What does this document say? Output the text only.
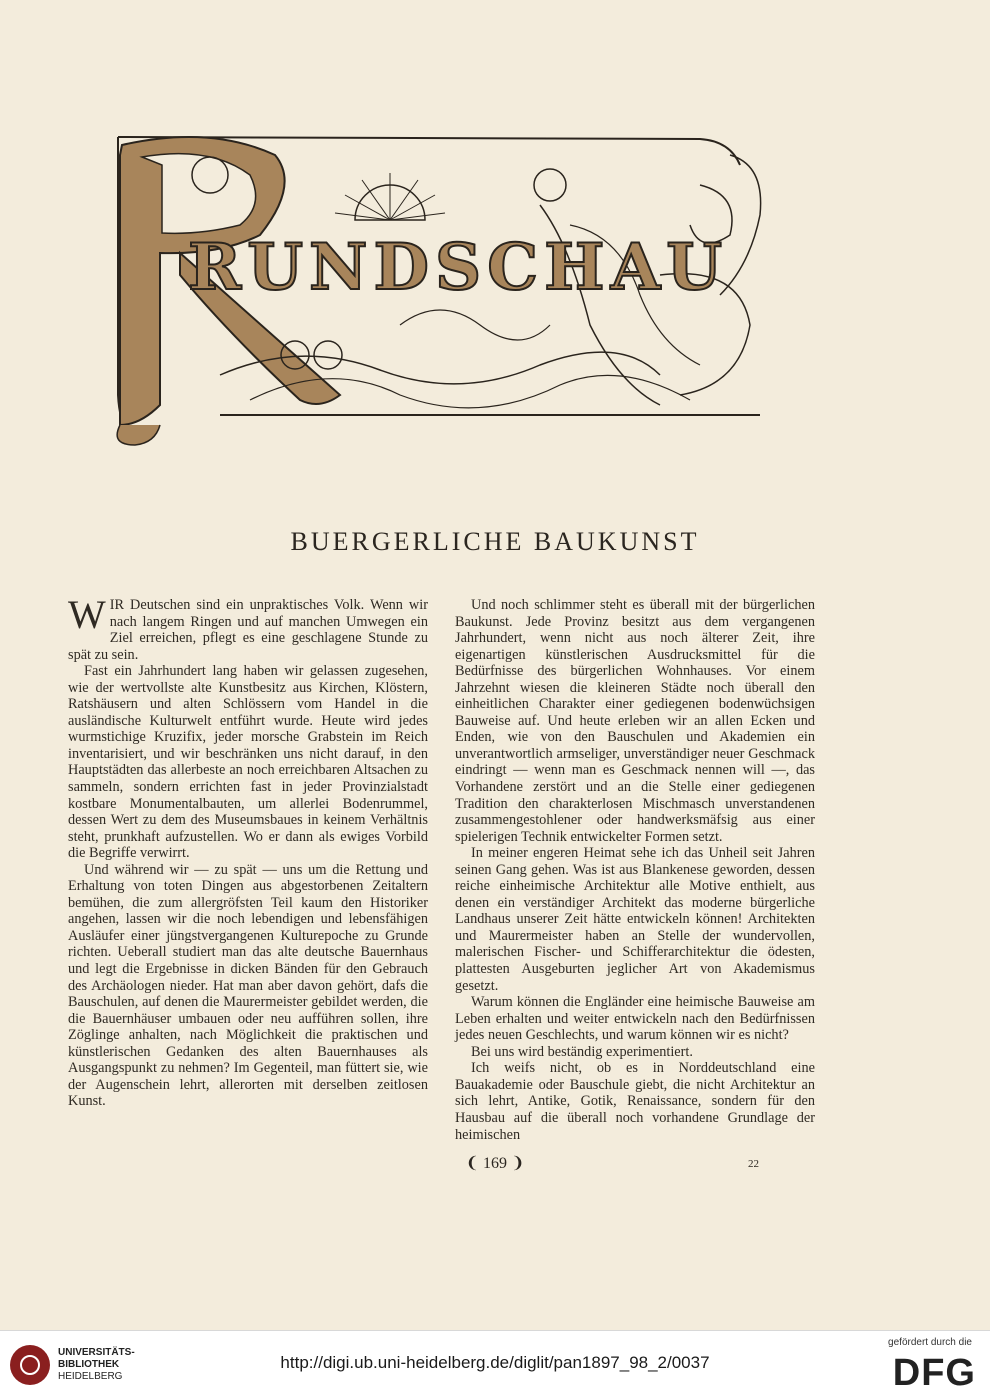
RUNDSCHAU
BUERGERLICHE BAUKUNST

WIR Deutschen sind ein unpraktisches Volk. Wenn wir nach langem Ringen und auf manchen Umwegen ein Ziel erreichen, pflegt es eine geschlagene Stunde zu spät zu sein.

Fast ein Jahrhundert lang haben wir gelassen zugesehen, wie der wertvollste alte Kunstbesitz aus Kirchen, Klöstern, Ratshäusern und alten Schlössern vom Handel in die ausländische Kulturwelt entführt wurde. Heute wird jedes wurmstichige Kruzifix, jeder morsche Grabstein im Reich inventarisiert, und wir beschränken uns nicht darauf, in den Hauptstädten das allerbeste an noch erreichbaren Altsachen zu sammeln, sondern errichten fast in jeder Provinzialstadt kostbare Monumentalbauten, um allerlei Bodenrummel, dessen Wert zu dem des Museumsbaues in keinem Verhältnis steht, prunkhaft aufzustellen. Wo er dann als ewiges Vorbild die Begriffe verwirrt.

Und während wir — zu spät — uns um die Rettung und Erhaltung von toten Dingen aus abgestorbenen Zeitaltern bemühen, die zum allergröfsten Teil kaum den Historiker angehen, lassen wir die noch lebendigen und lebensfähigen Ausläufer einer jüngstvergangenen Kulturepoche zu Grunde richten. Ueberall studiert man das alte deutsche Bauernhaus und legt die Ergebnisse in dicken Bänden für den Gebrauch des Archäologen nieder. Hat man aber davon gehört, dafs die Bauschulen, auf denen die Maurermeister gebildet werden, die die Bauernhäuser umbauen oder neu aufführen sollen, ihre Zöglinge anhalten, nach Möglichkeit die praktischen und künstlerischen Gedanken des alten Bauernhauses als Ausgangspunkt zu nehmen? Im Gegenteil, man füttert sie, wie der Augenschein lehrt, allerorten mit derselben zeitlosen Kunst.

Und noch schlimmer steht es überall mit der bürgerlichen Baukunst. Jede Provinz besitzt aus dem vergangenen Jahrhundert, wenn nicht aus noch älterer Zeit, ihre eigenartigen künstlerischen Ausdrucksmittel für die Bedürfnisse des bürgerlichen Wohnhauses. Vor einem Jahrzehnt wiesen die kleineren Städte noch überall den einheitlichen Charakter einer gediegenen bodenwüchsigen Bauweise auf. Und heute erleben wir an allen Ecken und Enden, wie von den Bauschulen und Akademien ein unverantwortlich armseliger, unverständiger neuer Geschmack eindringt — wenn man es Geschmack nennen will —, das Vorhandene zerstört und an die Stelle einer gediegenen Tradition den charakterlosen Mischmasch unverstandenen zusammengestohlener oder handwerksmäfsig aus einer spielerigen Technik entwickelter Formen setzt.

In meiner engeren Heimat sehe ich das Unheil seit Jahren seinen Gang gehen. Was ist aus Blankenese geworden, dessen reiche einheimische Architektur alle Motive enthielt, aus denen ein verständiger Architekt das moderne bürgerliche Landhaus unserer Zeit hätte entwickeln können! Architekten und Maurermeister haben an Stelle der wundervollen, malerischen Fischer- und Schifferarchitektur die ödesten, plattesten Ausgeburten jeglicher Art von Akademismus gesetzt.

Warum können die Engländer eine heimische Bauweise am Leben erhalten und weiter entwickeln nach den Bedürfnissen jedes neuen Geschlechts, und warum können wir es nicht?

Bei uns wird beständig experimentiert.

Ich weifs nicht, ob es in Norddeutschland eine Bauakademie oder Bauschule giebt, die nicht Architektur an sich lehrt, Antike, Gotik, Renaissance, sondern für den Hausbau auf die überall noch vorhandene Grundlage der heimischen

❨ 169 ❩	22
UNIVERSITÄTS-
BIBLIOTHEK
HEIDELBERG
http://digi.ub.uni-heidelberg.de/diglit/pan1897_98_2/0037
gefördert durch die
DFG
